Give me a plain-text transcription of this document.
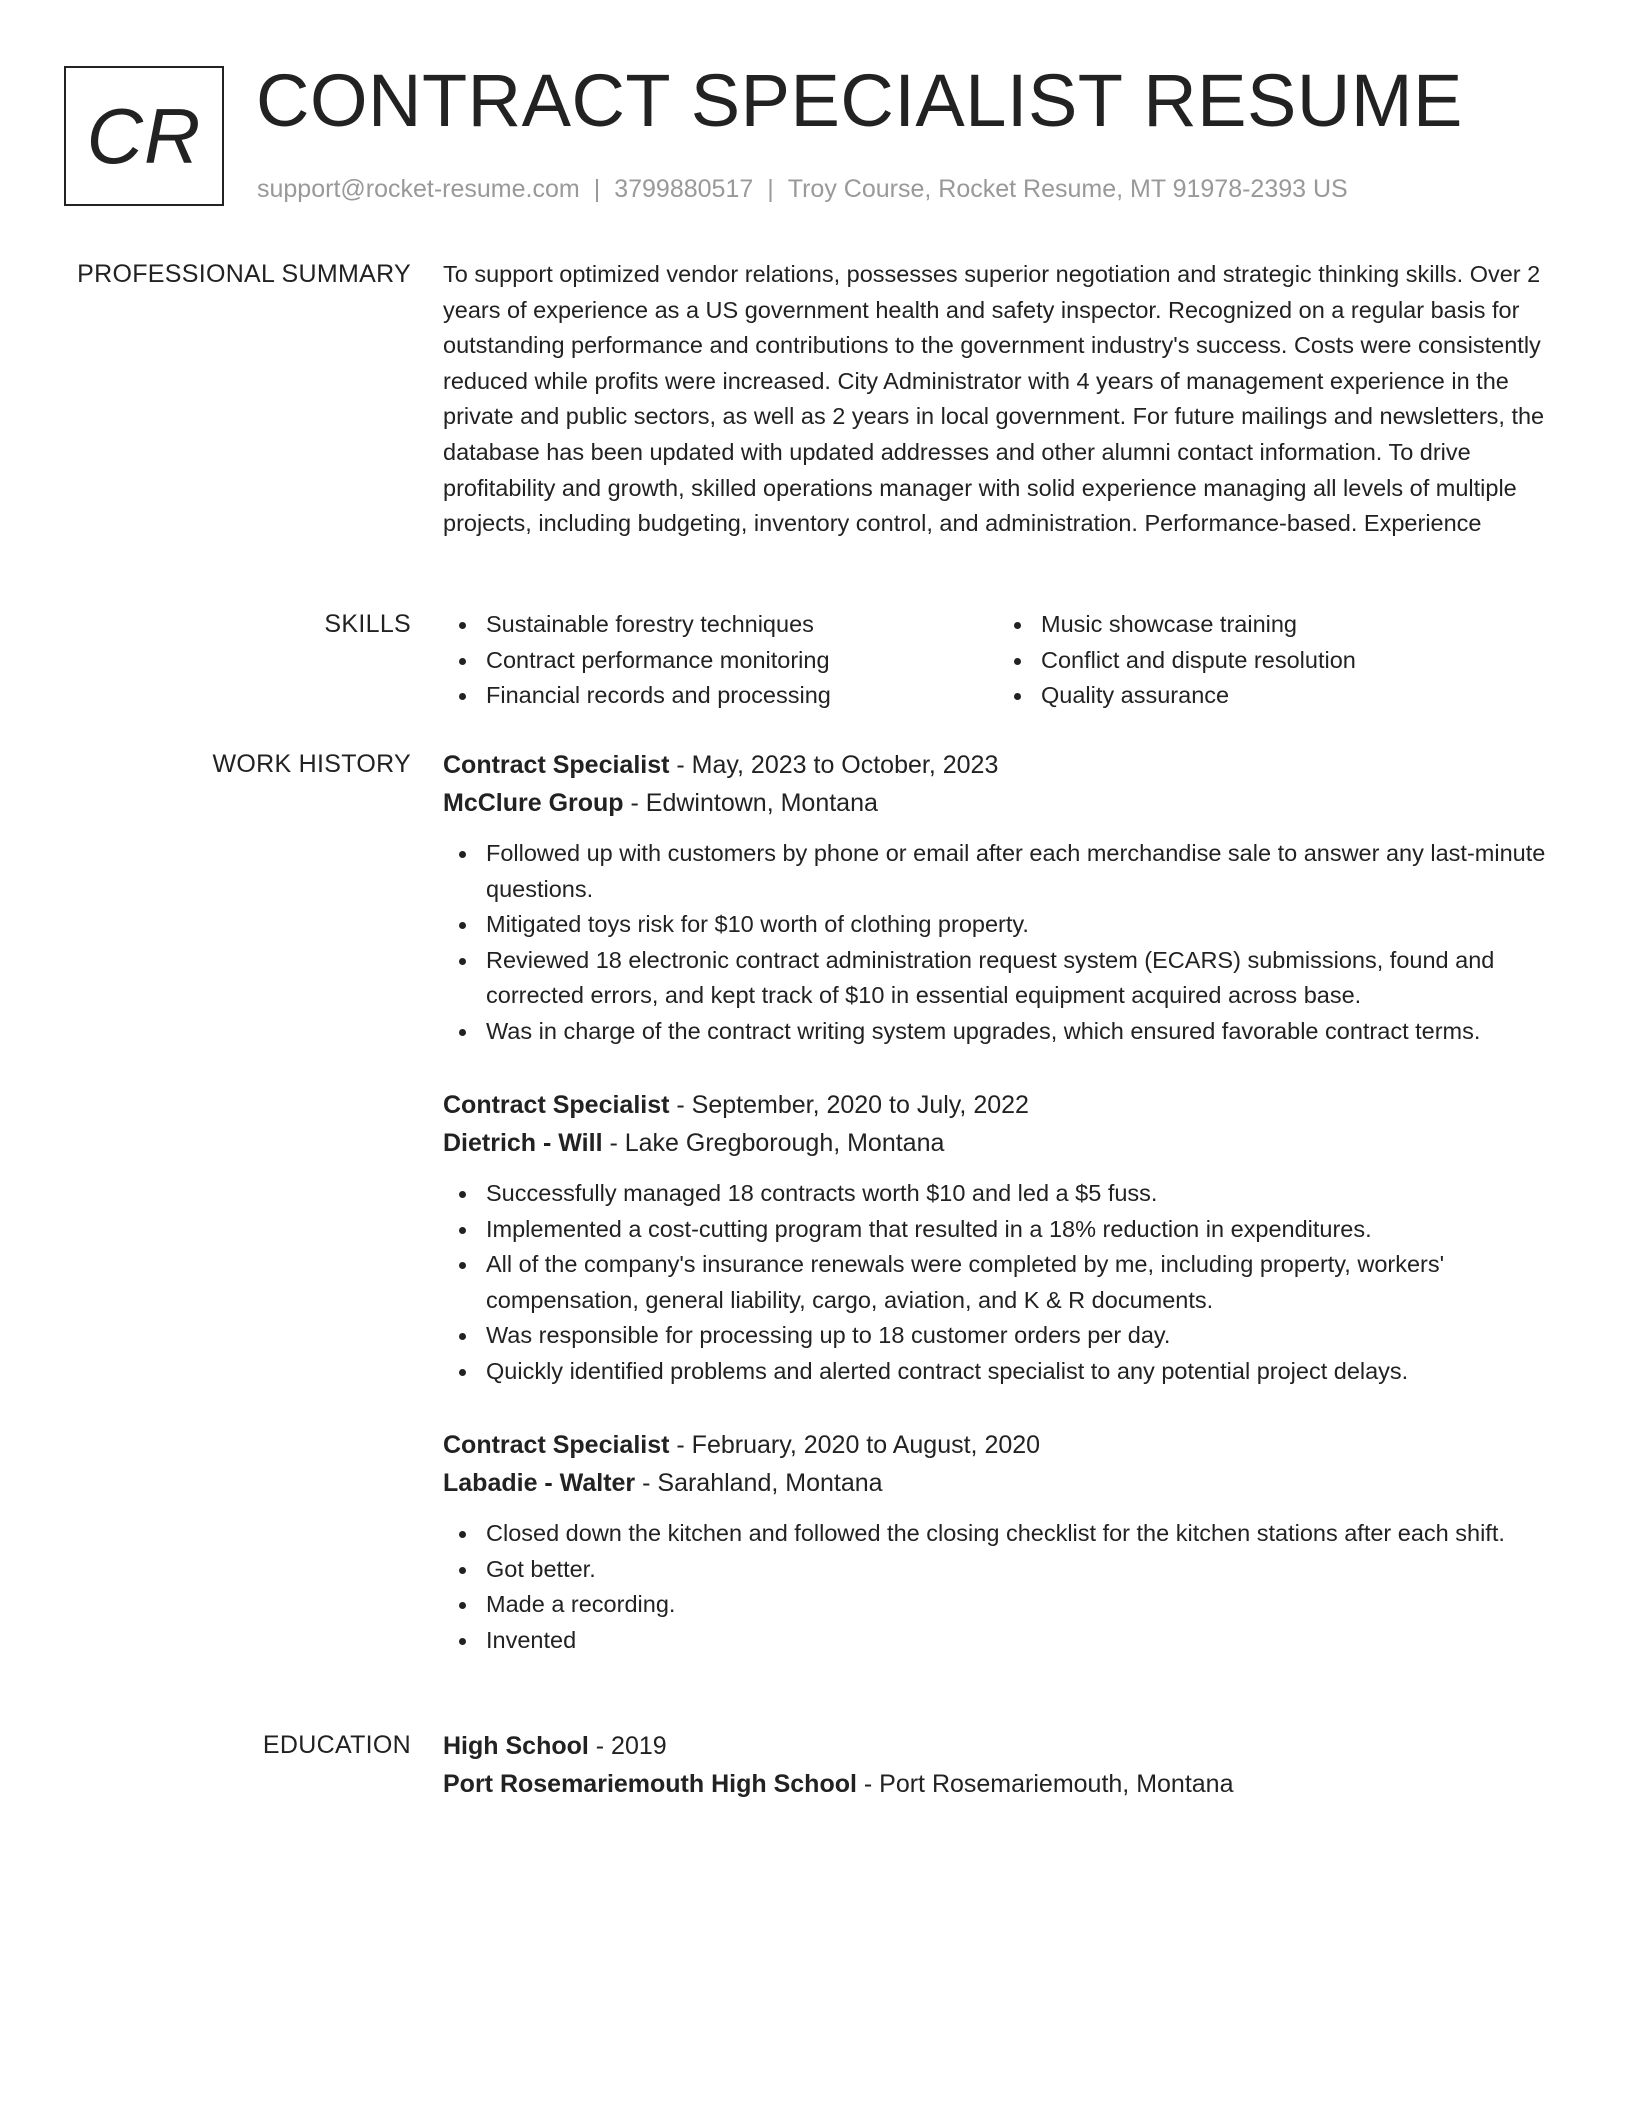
CR CONTRACT SPECIALIST RESUME
support@rocket-resume.com | 3799880517 | Troy Course, Rocket Resume, MT 91978-2393 US
PROFESSIONAL SUMMARY To support optimized vendor relations, possesses superior negotiation and strategic thinking skills. Over 2 years of experience as a US government health and safety inspector. Recognized on a regular basis for outstanding performance and contributions to the government industry's success. Costs were consistently reduced while profits were increased. City Administrator with 4 years of management experience in the private and public sectors, as well as 2 years in local government. For future mailings and newsletters, the database has been updated with updated addresses and other alumni contact information. To drive profitability and growth, skilled operations manager with solid experience managing all levels of multiple projects, including budgeting, inventory control, and administration. Performance-based. Experience

SKILLS	Sustainable forestry techniques
Contract performance monitoring
Financial records and processing
Music showcase training
Conflict and dispute resolution
Quality assurance
WORK HISTORY Contract Specialist - May, 2023 to October, 2023
McClure Group - Edwintown, Montana
Followed up with customers by phone or email after each merchandise sale to answer any last-minute questions.
Mitigated toys risk for $10 worth of clothing property.
Reviewed 18 electronic contract administration request system (ECARS) submissions, found and corrected errors, and kept track of $10 in essential equipment acquired across base.
Was in charge of the contract writing system upgrades, which ensured favorable contract terms.
Contract Specialist - September, 2020 to July, 2022
Dietrich - Will - Lake Gregborough, Montana
Successfully managed 18 contracts worth $10 and led a $5 fuss.
Implemented a cost-cutting program that resulted in a 18% reduction in expenditures.
All of the company's insurance renewals were completed by me, including property, workers' compensation, general liability, cargo, aviation, and K & R documents.
Was responsible for processing up to 18 customer orders per day.
Quickly identified problems and alerted contract specialist to any potential project delays.
Contract Specialist - February, 2020 to August, 2020
Labadie - Walter - Sarahland, Montana
Closed down the kitchen and followed the closing checklist for the kitchen stations after each shift.
Got better.
Made a recording.
Invented
EDUCATION High School - 2019
Port Rosemariemouth High School - Port Rosemariemouth, Montana
